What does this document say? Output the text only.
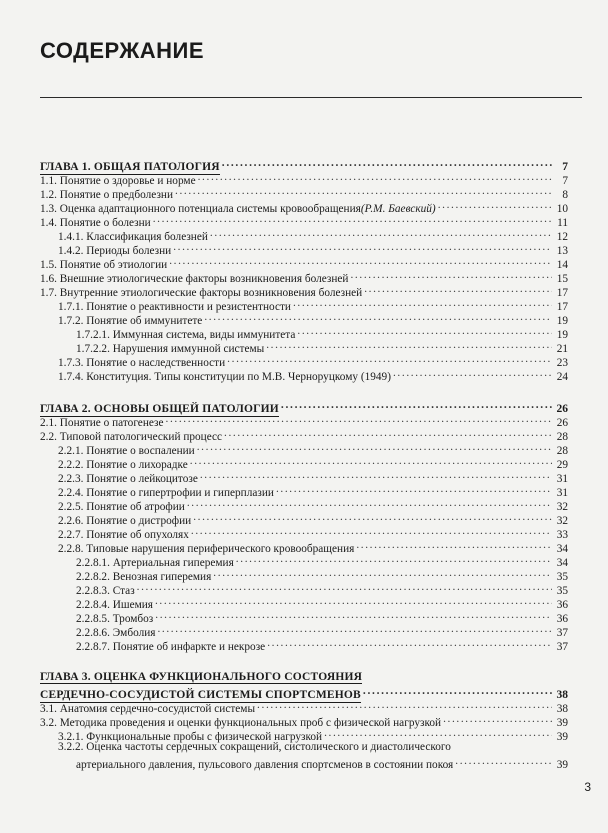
СОДЕРЖАНИЕ
ГЛАВА 1. ОБЩАЯ ПАТОЛОГИЯ . . .	7
1.1. Понятие о здоровье и норме . . .	7
1.2. Понятие о предболезни . . .	8
1.3. Оценка адаптационного потенциала системы кровообращения(Р.М. Баевский) . . .	10
1.4. Понятие о болезни . . .	11
1.4.1. Классификация болезней . . .	12
1.4.2. Периоды болезни . . .	13
1.5. Понятие об этиологии . . .	14
1.6. Внешние этиологические факторы возникновения болезней . . .	15
1.7. Внутренние этиологические факторы возникновения болезней . . .	17
1.7.1. Понятие о реактивности и резистентности . . .	17
1.7.2. Понятие об иммунитете . . .	19
1.7.2.1. Иммунная система, виды иммунитета . . .	19
1.7.2.2. Нарушения иммунной системы . . .	21
1.7.3. Понятие о наследственности . . .	23
1.7.4. Конституция. Типы конституции по М.В. Черноруцкому (1949) . . .	24
ГЛАВА 2. ОСНОВЫ ОБЩЕЙ ПАТОЛОГИИ . . .	26
2.1. Понятие о патогенезе . . .	26
2.2. Типовой патологический процесс . . .	28
2.2.1. Понятие о воспалении . . .	28
2.2.2. Понятие о лихорадке . . .	29
2.2.3. Понятие о лейкоцитозе . . .	31
2.2.4. Понятие о гипертрофии и гиперплазии . . .	31
2.2.5. Понятие об атрофии . . .	32
2.2.6. Понятие о дистрофии . . .	32
2.2.7. Понятие об опухолях . . .	33
2.2.8. Типовые нарушения периферического кровообращения . . .	34
2.2.8.1. Артериальная гиперемия . . .	34
2.2.8.2. Венозная гиперемия . . .	35
2.2.8.3. Стаз . . .	35
2.2.8.4. Ишемия . . .	36
2.2.8.5. Тромбоз . . .	36
2.2.8.6. Эмболия . . .	37
2.2.8.7. Понятие об инфаркте и некрозе . . .	37
ГЛАВА 3. ОЦЕНКА ФУНКЦИОНАЛЬНОГО СОСТОЯНИЯ
СЕРДЕЧНО-СОСУДИСТОЙ СИСТЕМЫ СПОРТСМЕНОВ . . .	38
3.1. Анатомия сердечно-сосудистой системы . . .	38
3.2. Методика проведения и оценки функциональных проб с физической нагрузкой . . .	39
3.2.1. Функциональные пробы с физической нагрузкой . . .	39
3.2.2. Оценка частоты сердечных сокращений, систолического и диастолического
артериального давления, пульсового давления спортсменов в состоянии покоя . . .	39
3
